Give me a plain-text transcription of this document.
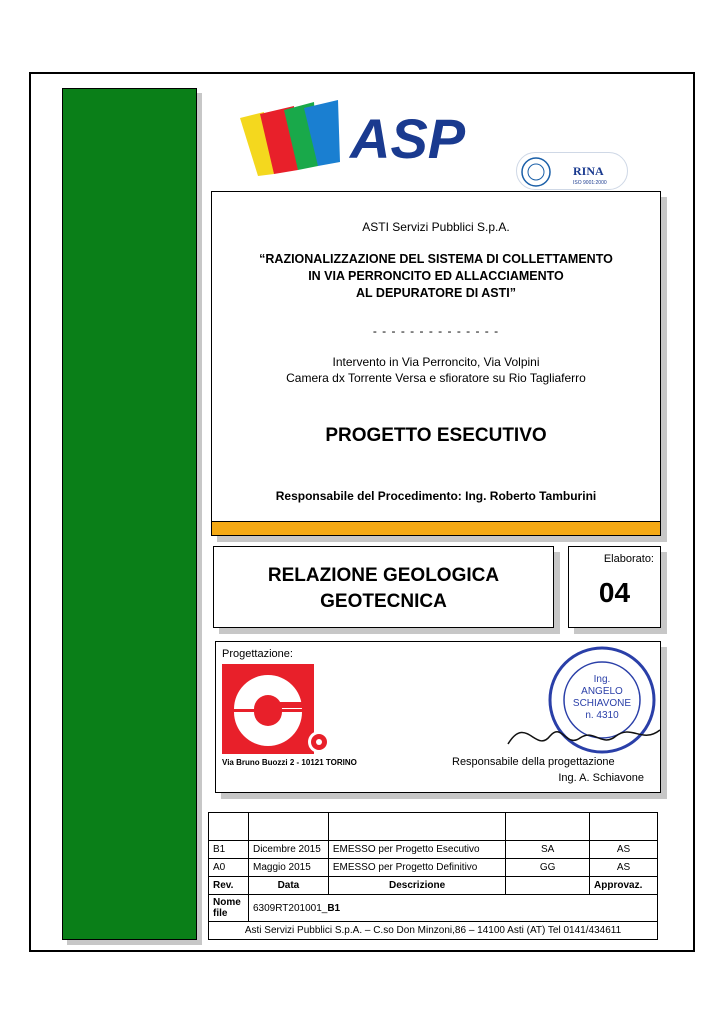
ASP
RINA
ISO 9001:2000
ASTI Servizi Pubblici S.p.A.
“RAZIONALIZZAZIONE DEL SISTEMA DI COLLETTAMENTO
IN VIA PERRONCITO ED ALLACCIAMENTO
AL DEPURATORE DI ASTI”
- - - - - - - - - - - - - -
Intervento in Via Perroncito, Via Volpini
Camera dx Torrente Versa e sfioratore su Rio Tagliaferro
PROGETTO ESECUTIVO
Responsabile del Procedimento: Ing. Roberto Tamburini
RELAZIONE GEOLOGICA
GEOTECNICA
Elaborato:
04
Progettazione:
Via Bruno Buozzi 2 - 10121 TORINO
Ing.
ANGELO
SCHIAVONE
n. 4310
Responsabile della progettazione
Ing. A. Schiavone

B1	Dicembre 2015	EMESSO per Progetto Esecutivo	SA	AS
A0	Maggio 2015	EMESSO per Progetto Definitivo	GG	AS
Rev.	Data	Descrizione		Approvaz.
Nome file	6309RT201001_B1			
Asti Servizi Pubblici S.p.A. – C.so Don Minzoni,86 – 14100 Asti (AT) Tel 0141/434611				
